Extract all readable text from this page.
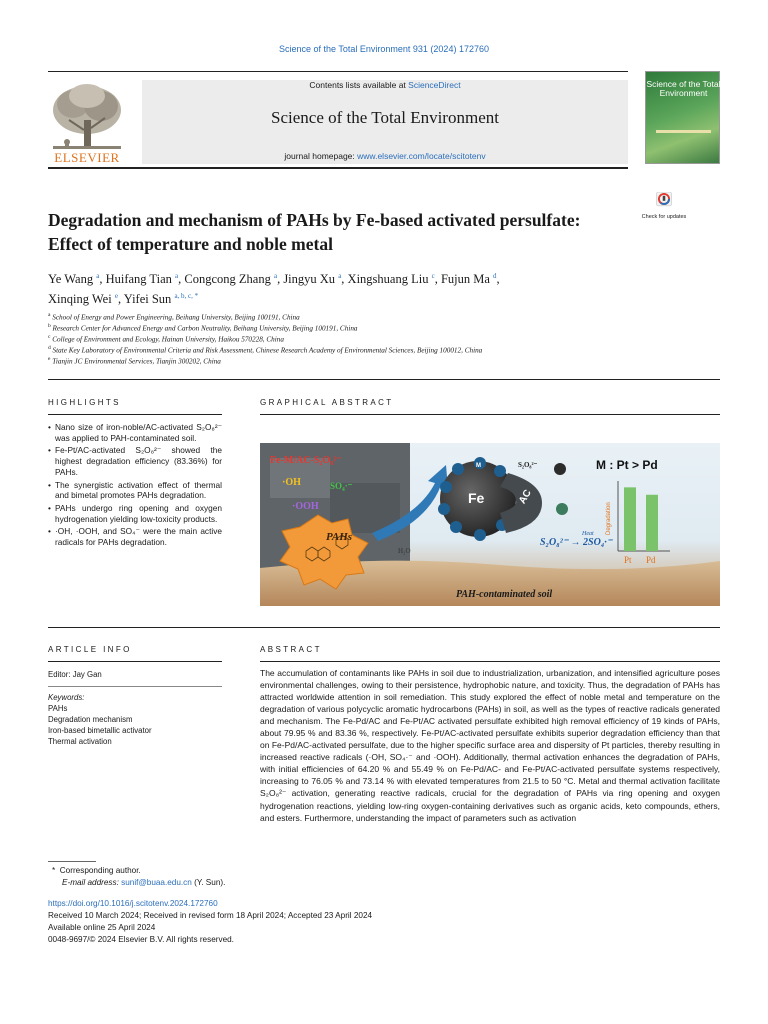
Science of the Total Environment 931 (2024) 172760
ELSEVIER
Contents lists available at ScienceDirect
Science of the Total Environment
journal homepage: www.elsevier.com/locate/scitotenv
Science of the Total Environment
Degradation and mechanism of PAHs by Fe-based activated persulfate: Effect of temperature and noble metal
Check for updates
Ye Wang $^a$, Huifang Tian $^a$, Congcong Zhang $^a$, Jingyu Xu $^a$, Xingshuang Liu $^c$, Fujun Ma $^d$,
Xinqing Wei $^e$, Yifei Sun $^{a, b, c, *}$
$^a$ School of Energy and Power Engineering, Beihang University, Beijing 100191, China
$^b$ Research Center for Advanced Energy and Carbon Neutrality, Beihang University, Beijing 100191, China
$^c$ College of Environment and Ecology, Hainan University, Haikou 570228, China
$^d$ State Key Laboratory of Environmental Criteria and Risk Assessment, Chinese Research Academy of Environmental Sciences, Beijing 100012, China
$^e$ Tianjin JC Environmental Services, Tianjin 300202, China
HIGHLIGHTS
• Nano size of iron-noble/AC-activated S₂O₈²⁻ was applied to PAH-contaminated soil.
• Fe-Pt/AC-activated S₂O₈²⁻ showed the highest degradation efficiency (83.36%) for PAHs.
• The synergistic activation effect of thermal and bimetal promotes PAHs degradation.
• PAHs undergo ring opening and oxygen hydrogenation yielding low-toxicity products.
• ·OH, ·OOH, and SO₄⁻ were the main active radicals for PAHs degradation.
GRAPHICAL ABSTRACT
PAHs
Fe-M/AC-S₂O₈²⁻
·OH
·OOH
SO₄·⁻
Fe
M
AC
S₂O₈²⁻
S₂O₈²⁻ → 2SO₄·⁻
Heat
H₂O
M : Pt > Pd
Degradation
Pt Pd
PAH-contaminated soil
ARTICLE INFO
Editor: Jay Gan
Keywords:
PAHs
Degradation mechanism
Iron-based bimetallic activator
Thermal activation
ABSTRACT
The accumulation of contaminants like PAHs in soil due to industrialization, urbanization, and intensified agriculture poses environmental challenges, owing to their persistence, hydrophobic nature, and toxicity. Thus, the degradation of PAHs has attracted worldwide attention in soil remediation. This study explored the effect of noble metal and temperature on the degradation of various polycyclic aromatic hydrocarbons (PAHs) in soil, as well as the types of reactive radicals generated and mechanism. The Fe-Pd/AC and Fe-Pt/AC activated persulfate exhibited high removal efficiency of 19 kinds of PAHs, about 79.95 % and 83.36 %, respectively. Fe-Pt/AC-activated persulfate exhibits superior degradation efficiency than that on Fe-Pd/AC-activated persulfate, due to the higher specific surface area and dispersity of Pt particles, thereby resulting in increased reactive radicals (·OH, SO₄·⁻ and ·OOH). Additionally, thermal activation enhances the degradation of PAHs, with initial efficiencies of 64.20 % and 55.49 % on Fe-Pd/AC- and Fe-Pt/AC-activated persulfate systems respectively, increasing to 76.05 % and 73.14 % with elevated temperatures from 21.5 to 50 °C. Metal and thermal activation facilitate S₂O₈²⁻ activation, generating reactive radicals, crucial for the degradation of PAHs via ring opening and oxygen hydrogenation reactions, yielding low-ring oxygen-containing derivatives such as organic acids, keto compounds, ethers, and esters. Furthermore, understanding the impact of parameters such as activation
*  Corresponding author.
E-mail address: sunif@buaa.edu.cn (Y. Sun).
https://doi.org/10.1016/j.scitotenv.2024.172760
Received 10 March 2024; Received in revised form 18 April 2024; Accepted 23 April 2024
Available online 25 April 2024
0048-9697/© 2024 Elsevier B.V. All rights reserved.
